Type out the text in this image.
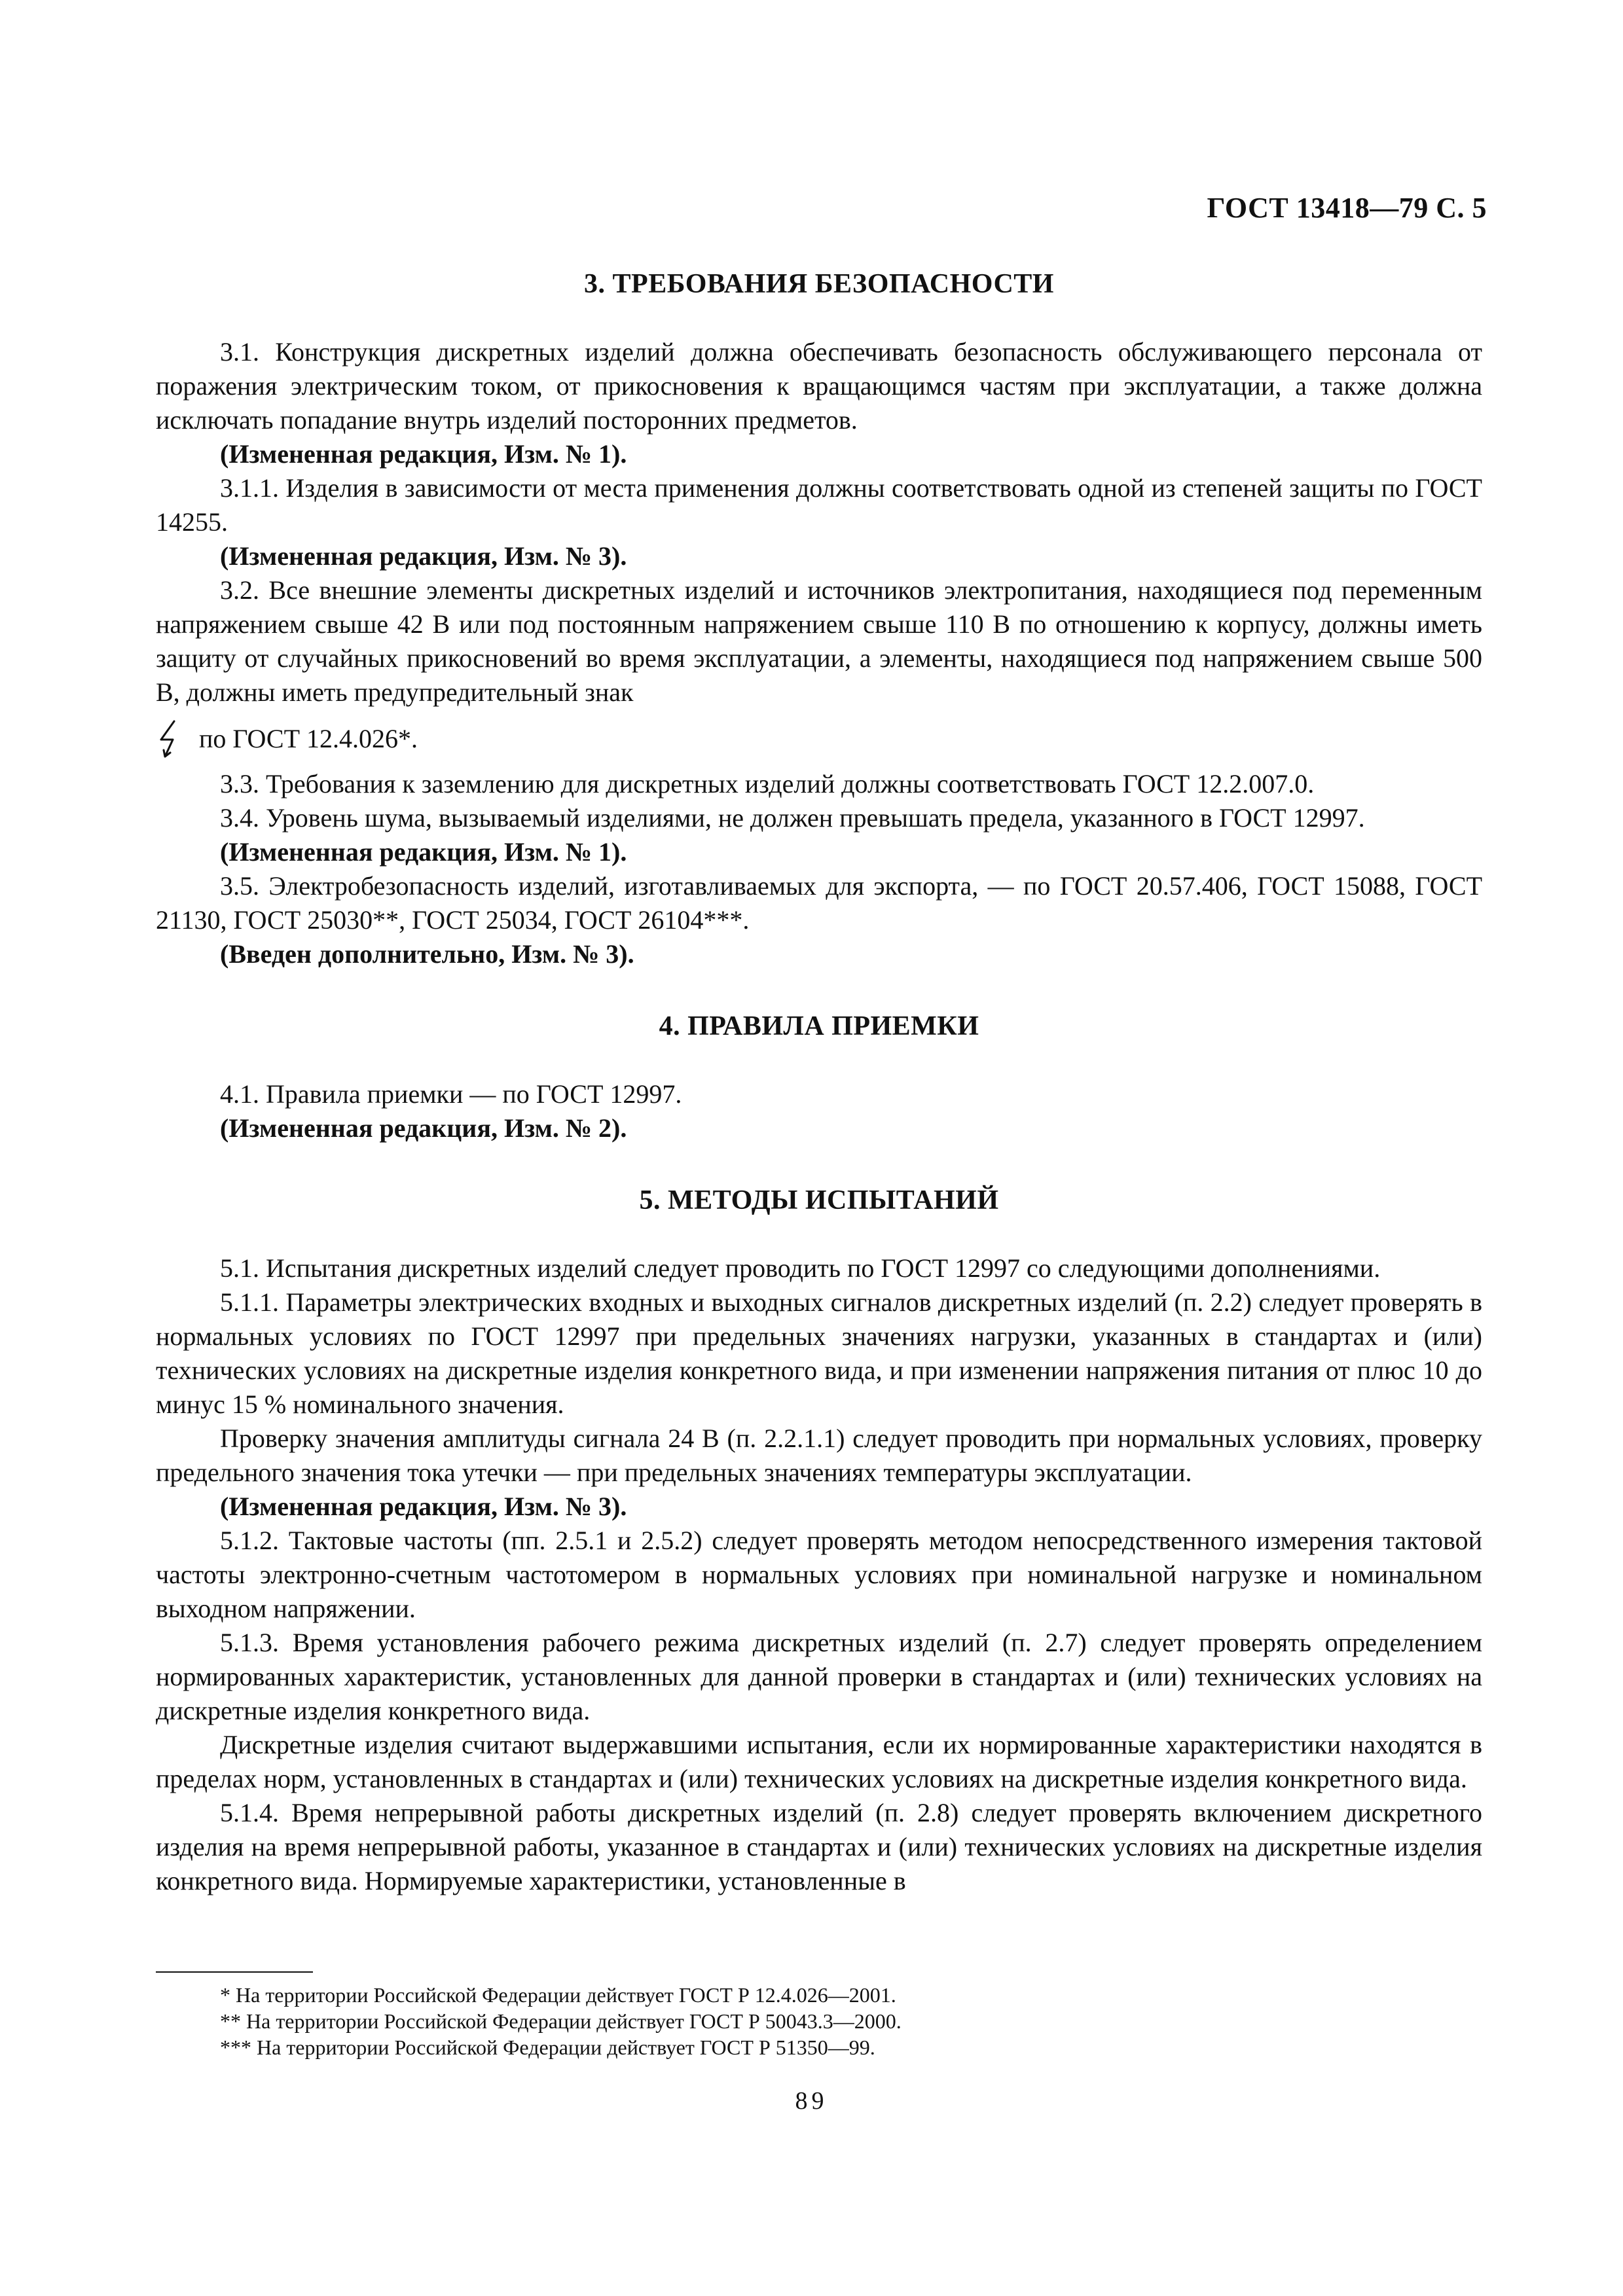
ГОСТ 13418—79 С. 5
3. ТРЕБОВАНИЯ БЕЗОПАСНОСТИ

3.1. Конструкция дискретных изделий должна обеспечивать безопасность обслуживающего персонала от поражения электрическим током, от прикосновения к вращающимся частям при эксплуатации, а также должна исключать попадание внутрь изделий посторонних предметов.

(Измененная редакция, Изм. № 1).

3.1.1. Изделия в зависимости от места применения должны соответствовать одной из степеней защиты по ГОСТ 14255.

(Измененная редакция, Изм. № 3).

3.2. Все внешние элементы дискретных изделий и источников электропитания, находящиеся под переменным напряжением свыше 42 В или под постоянным напряжением свыше 110 В по отношению к корпусу, должны иметь защиту от случайных прикосновений во время эксплуатации, а элементы, находящиеся под напряжением свыше 500 В, должны иметь предупредительный знак

по ГОСТ 12.4.026*.

3.3. Требования к заземлению для дискретных изделий должны соответствовать ГОСТ 12.2.007.0.

3.4. Уровень шума, вызываемый изделиями, не должен превышать предела, указанного в ГОСТ 12997.

(Измененная редакция, Изм. № 1).

3.5. Электробезопасность изделий, изготавливаемых для экспорта, — по ГОСТ 20.57.406, ГОСТ 15088, ГОСТ 21130, ГОСТ 25030**, ГОСТ 25034, ГОСТ 26104***.

(Введен дополнительно, Изм. № 3).

4. ПРАВИЛА ПРИЕМКИ

4.1. Правила приемки — по ГОСТ 12997.

(Измененная редакция, Изм. № 2).

5. МЕТОДЫ ИСПЫТАНИЙ

5.1. Испытания дискретных изделий следует проводить по ГОСТ 12997 со следующими дополнениями.

5.1.1. Параметры электрических входных и выходных сигналов дискретных изделий (п. 2.2) следует проверять в нормальных условиях по ГОСТ 12997 при предельных значениях нагрузки, указанных в стандартах и (или) технических условиях на дискретные изделия конкретного вида, и при изменении напряжения питания от плюс 10 до минус 15 % номинального значения.

Проверку значения амплитуды сигнала 24 В (п. 2.2.1.1) следует проводить при нормальных условиях, проверку предельного значения тока утечки — при предельных значениях температуры эксплуатации.

(Измененная редакция, Изм. № 3).

5.1.2. Тактовые частоты (пп. 2.5.1 и 2.5.2) следует проверять методом непосредственного измерения тактовой частоты электронно-счетным частотомером в нормальных условиях при номинальной нагрузке и номинальном выходном напряжении.

5.1.3. Время установления рабочего режима дискретных изделий (п. 2.7) следует проверять определением нормированных характеристик, установленных для данной проверки в стандартах и (или) технических условиях на дискретные изделия конкретного вида.

Дискретные изделия считают выдержавшими испытания, если их нормированные характеристики находятся в пределах норм, установленных в стандартах и (или) технических условиях на дискретные изделия конкретного вида.

5.1.4. Время непрерывной работы дискретных изделий (п. 2.8) следует проверять включением дискретного изделия на время непрерывной работы, указанное в стандартах и (или) технических условиях на дискретные изделия конкретного вида. Нормируемые характеристики, установленные в

* На территории Российской Федерации действует ГОСТ Р 12.4.026—2001.

** На территории Российской Федерации действует ГОСТ Р 50043.3—2000.

*** На территории Российской Федерации действует ГОСТ Р 51350—99.

89
